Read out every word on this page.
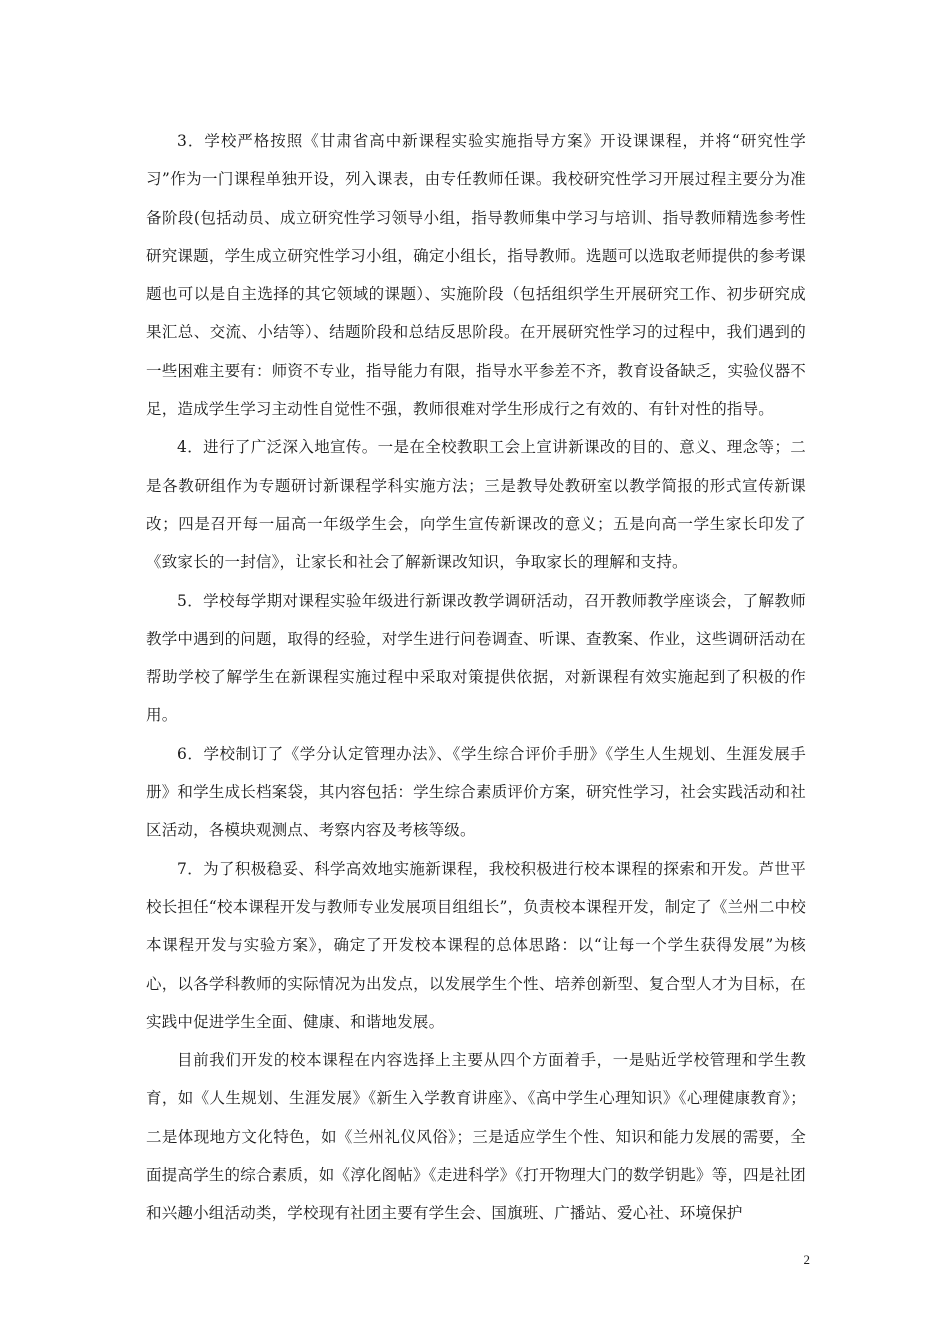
3．学校严格按照《甘肃省高中新课程实验实施指导方案》开设课课程，并将“研究性学习”作为一门课程单独开设，列入课表，由专任教师任课。我校研究性学习开展过程主要分为准备阶段(包括动员、成立研究性学习领导小组，指导教师集中学习与培训、指导教师精选参考性研究课题，学生成立研究性学习小组，确定小组长，指导教师。选题可以选取老师提供的参考课题也可以是自主选择的其它领域的课题）、实施阶段（包括组织学生开展研究工作、初步研究成果汇总、交流、小结等）、结题阶段和总结反思阶段。在开展研究性学习的过程中，我们遇到的一些困难主要有：师资不专业，指导能力有限，指导水平参差不齐，教育设备缺乏，实验仪器不足，造成学生学习主动性自觉性不强，教师很难对学生形成行之有效的、有针对性的指导。

4．进行了广泛深入地宣传。一是在全校教职工会上宣讲新课改的目的、意义、理念等；二是各教研组作为专题研讨新课程学科实施方法；三是教导处教研室以教学简报的形式宣传新课改；四是召开每一届高一年级学生会，向学生宣传新课改的意义；五是向高一学生家长印发了《致家长的一封信》，让家长和社会了解新课改知识，争取家长的理解和支持。

5．学校每学期对课程实验年级进行新课改教学调研活动，召开教师教学座谈会，了解教师教学中遇到的问题，取得的经验，对学生进行问卷调查、听课、查教案、作业，这些调研活动在帮助学校了解学生在新课程实施过程中采取对策提供依据，对新课程有效实施起到了积极的作用。

6．学校制订了《学分认定管理办法》、《学生综合评价手册》《学生人生规划、生涯发展手册》和学生成长档案袋，其内容包括：学生综合素质评价方案，研究性学习，社会实践活动和社区活动，各模块观测点、考察内容及考核等级。

7．为了积极稳妥、科学高效地实施新课程，我校积极进行校本课程的探索和开发。芦世平校长担任“校本课程开发与教师专业发展项目组组长”，负责校本课程开发，制定了《兰州二中校本课程开发与实验方案》，确定了开发校本课程的总体思路：以“让每一个学生获得发展”为核心，以各学科教师的实际情况为出发点，以发展学生个性、培养创新型、复合型人才为目标，在实践中促进学生全面、健康、和谐地发展。

目前我们开发的校本课程在内容选择上主要从四个方面着手，一是贴近学校管理和学生教育，如《人生规划、生涯发展》《新生入学教育讲座》、《高中学生心理知识》《心理健康教育》；二是体现地方文化特色，如《兰州礼仪风俗》；三是适应学生个性、知识和能力发展的需要，全面提高学生的综合素质，如《淳化阁帖》《走进科学》《打开物理大门的数学钥匙》等，四是社团和兴趣小组活动类，学校现有社团主要有学生会、国旗班、广播站、爱心社、环境保护

2
